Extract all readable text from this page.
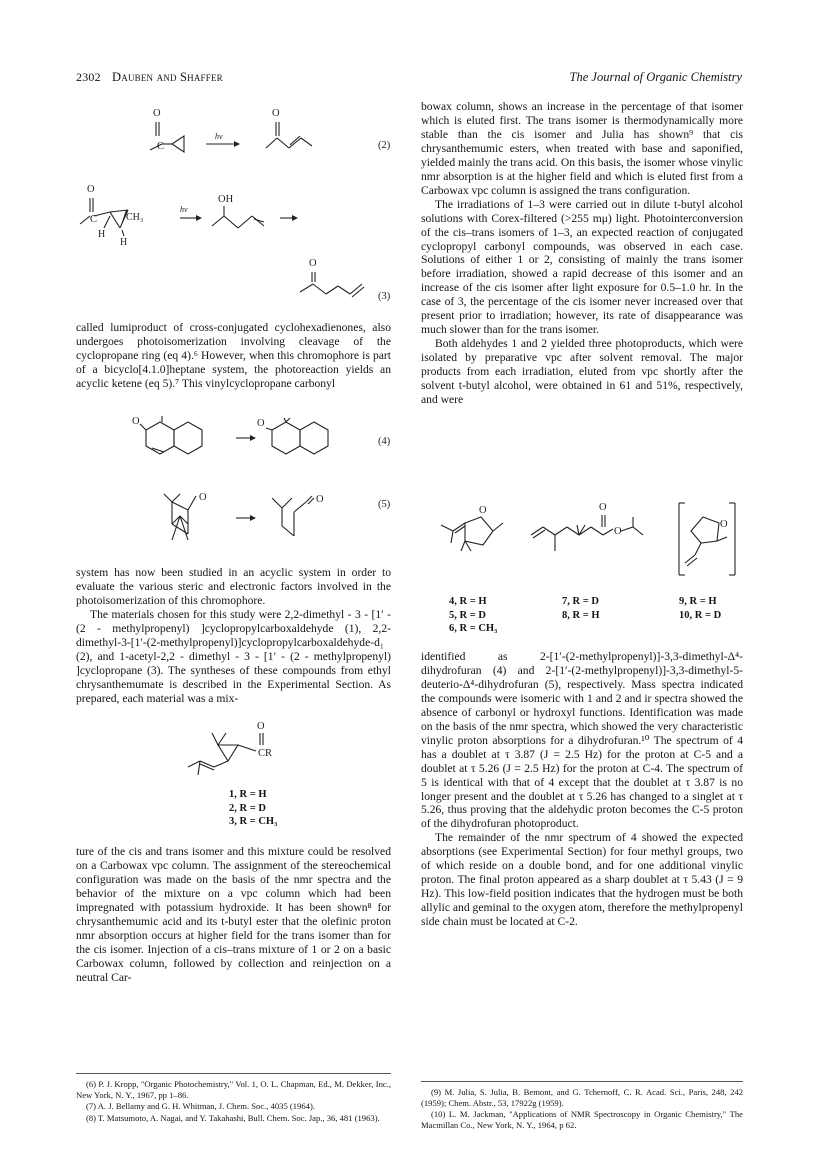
2302 Dauben and Shaffer	The Journal of Organic Chemistry
O
C
O
hν
(2)
O
C	CH₃
H
H
hν
OH
O
(3)

called lumiproduct of cross-conjugated cyclohexadienones, also undergoes photoisomerization involving cleavage of the cyclopropane ring (eq 4).⁶ However, when this chromophore is part of a bicyclo[4.1.0]heptane system, the photoreaction yields an acyclic ketene (eq 5).⁷ This vinylcyclopropane carbonyl

O	O
O	O
(4)
(5)

system has now been studied in an acyclic system in order to evaluate the various steric and electronic factors involved in the photoisomerization of this chromophore.

The materials chosen for this study were 2,2-dimethyl - 3 - [1′ - (2 - methylpropenyl) ]cyclopropylcarboxaldehyde (1), 2,2-dimethyl-3-[1′-(2-methylpropenyl)]cyclopropylcarboxaldehyde-d₁ (2), and 1-acetyl-2,2 - dimethyl - 3 - [1′ - (2 - methylpropenyl) ]cyclopropane (3). The syntheses of these compounds from ethyl chrysanthemumate is described in the Experimental Section. As prepared, each material was a mix-

O
CR
1, R = H
2, R = D
3, R = CH₃

ture of the cis and trans isomer and this mixture could be resolved on a Carbowax vpc column. The assignment of the stereochemical configuration was made on the basis of the nmr spectra and the behavior of the mixture on a vpc column which had been impregnated with potassium hydroxide. It has been shown⁸ for chrysanthemumic acid and its t-butyl ester that the olefinic proton nmr absorption occurs at higher field for the trans isomer than for the cis isomer. Injection of a cis–trans mixture of 1 or 2 on a basic Carbowax column, followed by collection and reinjection on a neutral Car-

(6) P. J. Kropp, "Organic Photochemistry," Vol. 1, O. L. Chapman, Ed., M. Dekker, Inc., New York, N. Y., 1967, pp 1–86.

(7) A. J. Bellamy and G. H. Whitman, J. Chem. Soc., 4035 (1964).

(8) T. Matsumoto, A. Nagai, and Y. Takahashi, Bull. Chem. Soc. Jap., 36, 481 (1963).

bowax column, shows an increase in the percentage of that isomer which is eluted first. The trans isomer is thermodynamically more stable than the cis isomer and Julia has shown⁹ that cis chrysanthemumic esters, when treated with base and saponified, yielded mainly the trans acid. On this basis, the isomer whose vinylic nmr absorption is at the higher field and which is eluted first from a Carbowax vpc column is assigned the trans configuration.

The irradiations of 1–3 were carried out in dilute t-butyl alcohol solutions with Corex-filtered (>255 mμ) light. Photointerconversion of the cis–trans isomers of 1–3, an expected reaction of conjugated cyclopropyl carbonyl compounds, was observed in each case. Solutions of either 1 or 2, consisting of mainly the trans isomer before irradiation, showed a rapid decrease of this isomer and an increase of the cis isomer after light exposure for 0.5–1.0 hr. In the case of 3, the percentage of the cis isomer never increased over that present prior to irradiation; however, its rate of disappearance was much slower than for the trans isomer.

Both aldehydes 1 and 2 yielded three photoproducts, which were isolated by preparative vpc after solvent removal. The major products from each irradiation, eluted from vpc shortly after the solvent t-butyl alcohol, were obtained in 61 and 51%, respectively, and were

O	O
O
O
4, R = H
5, R = D
6, R = CH₃
7, R = D
8, R = H
9, R = H
10, R = D

identified as 2-[1′-(2-methylpropenyl)]-3,3-dimethyl-Δ⁴-dihydrofuran (4) and 2-[1′-(2-methylpropenyl)]-3,3-dimethyl-5-deuterio-Δ⁴-dihydrofuran (5), respectively. Mass spectra indicated the compounds were isomeric with 1 and 2 and ir spectra showed the absence of carbonyl or hydroxyl functions. Identification was made on the basis of the nmr spectra, which showed the very characteristic vinylic proton absorptions for a dihydrofuran.¹⁰ The spectrum of 4 has a doublet at τ 3.87 (J = 2.5 Hz) for the proton at C-5 and a doublet at τ 5.26 (J = 2.5 Hz) for the proton at C-4. The spectrum of 5 is identical with that of 4 except that the doublet at τ 3.87 is no longer present and the doublet at τ 5.26 has changed to a singlet at τ 5.26, thus proving that the aldehydic proton becomes the C-5 proton of the dihydrofuran photoproduct.

The remainder of the nmr spectrum of 4 showed the expected absorptions (see Experimental Section) for four methyl groups, two of which reside on a double bond, and for one additional vinylic proton. The final proton appeared as a sharp doublet at τ 5.43 (J = 9 Hz). This low-field position indicates that the hydrogen must be both allylic and geminal to the oxygen atom, therefore the methylpropenyl side chain must be located at C-2.

(9) M. Julia, S. Julia, B. Bemont, and G. Tchernoff, C. R. Acad. Sci., Paris, 248, 242 (1959); Chem. Abstr., 53, 17922g (1959).

(10) L. M. Jackman, "Applications of NMR Spectroscopy in Organic Chemistry," The Macmillan Co., New York, N. Y., 1964, p 62.
